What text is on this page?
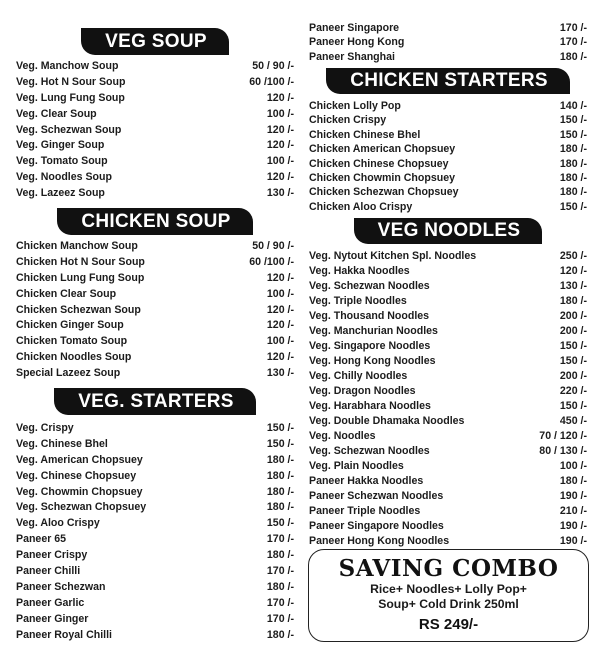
VEG SOUP
Veg. Manchow Soup	50 / 90 /-
Veg. Hot N Sour Soup	60 /100 /-
Veg. Lung Fung Soup	120 /-
Veg. Clear Soup	100 /-
Veg. Schezwan Soup	120 /-
Veg. Ginger Soup	120 /-
Veg. Tomato Soup	100 /-
Veg. Noodles Soup	120 /-
Veg. Lazeez Soup	130 /-
CHICKEN SOUP
Chicken Manchow Soup	50 / 90 /-
Chicken Hot N Sour Soup	60 /100 /-
Chicken Lung Fung Soup	120 /-
Chicken Clear Soup	100 /-
Chicken Schezwan Soup	120 /-
Chicken Ginger Soup	120 /-
Chicken Tomato Soup	100 /-
Chicken Noodles Soup	120 /-
Special Lazeez Soup	130 /-
VEG. STARTERS
Veg. Crispy	150 /-
Veg. Chinese Bhel	150 /-
Veg. American Chopsuey	180 /-
Veg. Chinese Chopsuey	180 /-
Veg. Chowmin Chopsuey	180 /-
Veg. Schezwan Chopsuey	180 /-
Veg. Aloo Crispy	150 /-
Paneer 65	170 /-
Paneer Crispy	180 /-
Paneer Chilli	170 /-
Paneer Schezwan	180 /-
Paneer Garlic	170 /-
Paneer Ginger	170 /-
Paneer Royal Chilli	180 /-
Paneer Singapore	170 /-
Paneer Hong Kong	170 /-
Paneer Shanghai	180 /-
CHICKEN STARTERS
Chicken Lolly Pop	140 /-
Chicken Crispy	150 /-
Chicken Chinese Bhel	150 /-
Chicken American Chopsuey	180 /-
Chicken Chinese Chopsuey	180 /-
Chicken Chowmin Chopsuey	180 /-
Chicken Schezwan Chopsuey	180 /-
Chicken Aloo Crispy	150 /-
VEG NOODLES
Veg. Nytout Kitchen Spl. Noodles	250 /-
Veg. Hakka Noodles	120 /-
Veg. Schezwan Noodles	130 /-
Veg. Triple Noodles	180 /-
Veg. Thousand Noodles	200 /-
Veg. Manchurian Noodles	200 /-
Veg. Singapore Noodles	150 /-
Veg. Hong Kong Noodles	150 /-
Veg. Chilly Noodles	200 /-
Veg. Dragon Noodles	220 /-
Veg. Harabhara Noodles	150 /-
Veg. Double Dhamaka Noodles	450 /-
Veg. Noodles	70 / 120 /-
Veg. Schezwan Noodles	80 / 130 /-
Veg. Plain Noodles	100 /-
Paneer Hakka Noodles	180 /-
Paneer Schezwan Noodles	190 /-
Paneer Triple Noodles	210 /-
Paneer Singapore Noodles	190 /-
Paneer Hong Kong Noodles	190 /-
SAVING COMBO
Rice+ Noodles+ Lolly Pop+
Soup+ Cold Drink 250ml
RS 249/-
